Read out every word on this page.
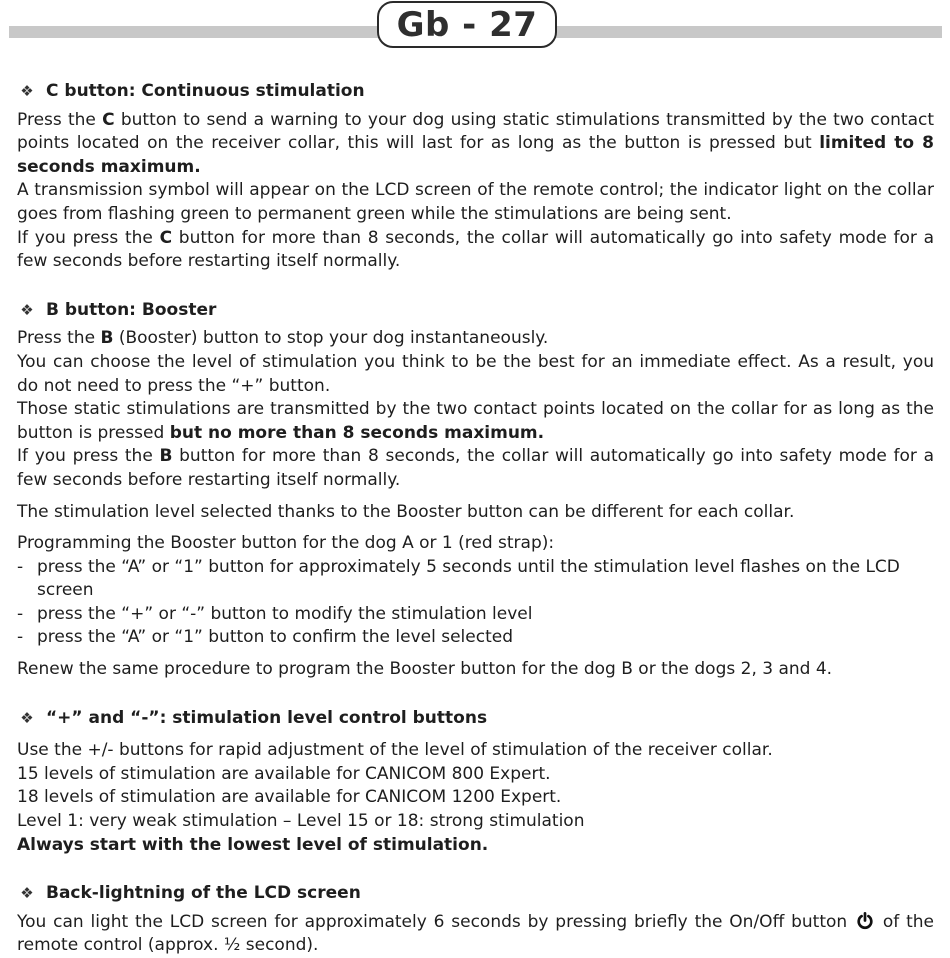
Gb - 27
❖ C button: Continuous stimulation

Press the C button to send a warning to your dog using static stimulations transmitted by the two contact points located on the receiver collar, this will last for as long as the button is pressed but limited to 8 seconds maximum.

A transmission symbol will appear on the LCD screen of the remote control; the indicator light on the collar goes from flashing green to permanent green while the stimulations are being sent.

If you press the C button for more than 8 seconds, the collar will automatically go into safety mode for a few seconds before restarting itself normally.

❖ B button: Booster

Press the B (Booster) button to stop your dog instantaneously.

You can choose the level of stimulation you think to be the best for an immediate effect. As a result, you do not need to press the “+” button.

Those static stimulations are transmitted by the two contact points located on the collar for as long as the button is pressed but no more than 8 seconds maximum.

If you press the B button for more than 8 seconds, the collar will automatically go into safety mode for a few seconds before restarting itself normally.

The stimulation level selected thanks to the Booster button can be different for each collar.

Programming the Booster button for the dog A or 1 (red strap):

- press the “A” or “1” button for approximately 5 seconds until the stimulation level flashes on the LCD screen
- press the “+” or “-” button to modify the stimulation level
- press the “A” or “1” button to confirm the level selected

Renew the same procedure to program the Booster button for the dog B or the dogs 2, 3 and 4.

❖ “+” and “-”: stimulation level control buttons

Use the +/- buttons for rapid adjustment of the level of stimulation of the receiver collar.

15 levels of stimulation are available for CANICOM 800 Expert.

18 levels of stimulation are available for CANICOM 1200 Expert.

Level 1: very weak stimulation – Level 15 or 18: strong stimulation

Always start with the lowest level of stimulation.

❖ Back-lightning of the LCD screen

You can light the LCD screen for approximately 6 seconds by pressing briefly the On/Off button  of the remote control (approx. ½ second).
